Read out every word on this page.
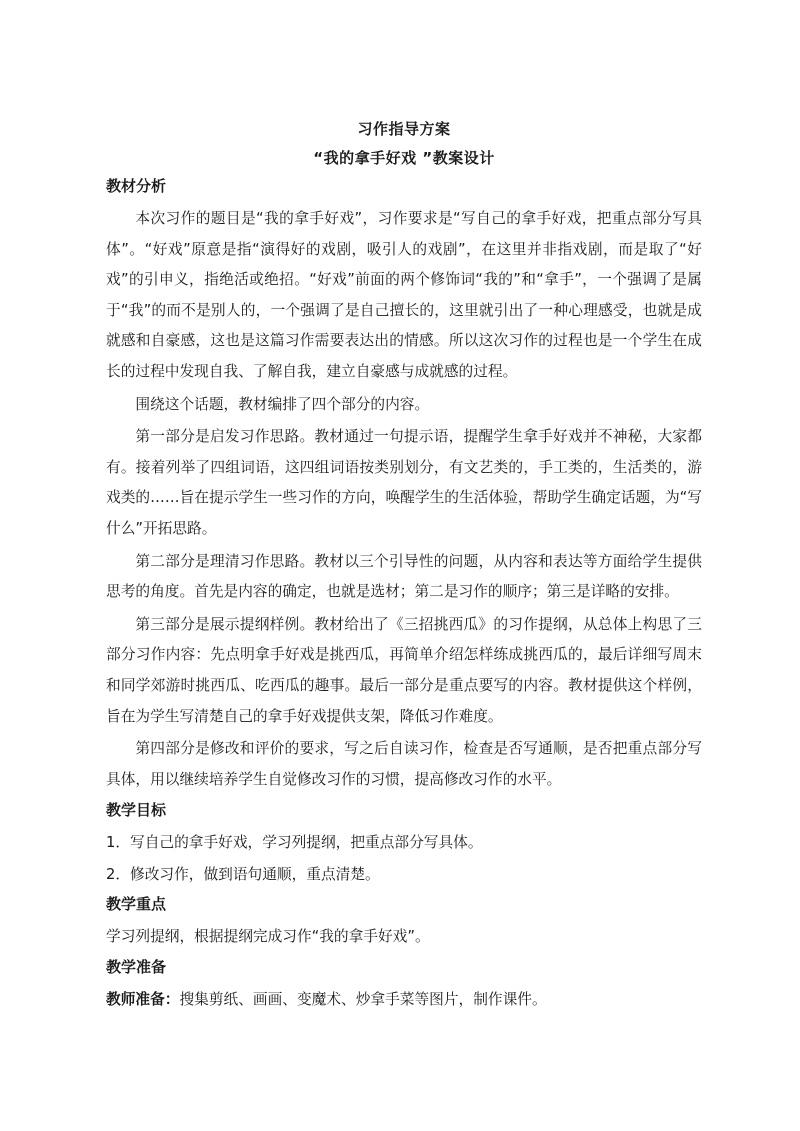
习作指导方案

“我的拿手好戏 ”教案设计

教材分析

本次习作的题目是“我的拿手好戏”，习作要求是“写自己的拿手好戏，把重点部分写具体”。“好戏”原意是指“演得好的戏剧，吸引人的戏剧”，在这里并非指戏剧，而是取了“好戏”的引申义，指绝活或绝招。“好戏”前面的两个修饰词“我的”和“拿手”，一个强调了是属于“我”的而不是别人的，一个强调了是自己擅长的，这里就引出了一种心理感受，也就是成就感和自豪感，这也是这篇习作需要表达出的情感。所以这次习作的过程也是一个学生在成长的过程中发现自我、了解自我，建立自豪感与成就感的过程。

围绕这个话题，教材编排了四个部分的内容。

第一部分是启发习作思路。教材通过一句提示语，提醒学生拿手好戏并不神秘，大家都有。接着列举了四组词语，这四组词语按类别划分，有文艺类的，手工类的，生活类的，游戏类的……旨在提示学生一些习作的方向，唤醒学生的生活体验，帮助学生确定话题，为“写什么”开拓思路。

第二部分是理清习作思路。教材以三个引导性的问题，从内容和表达等方面给学生提供思考的角度。首先是内容的确定，也就是选材；第二是习作的顺序；第三是详略的安排。

第三部分是展示提纲样例。教材给出了《三招挑西瓜》的习作提纲，从总体上构思了三部分习作内容：先点明拿手好戏是挑西瓜，再简单介绍怎样练成挑西瓜的，最后详细写周末和同学郊游时挑西瓜、吃西瓜的趣事。最后一部分是重点要写的内容。教材提供这个样例，旨在为学生写清楚自己的拿手好戏提供支架，降低习作难度。

第四部分是修改和评价的要求，写之后自读习作，检查是否写通顺，是否把重点部分写具体，用以继续培养学生自觉修改习作的习惯，提高修改习作的水平。

教学目标

1．写自己的拿手好戏，学习列提纲，把重点部分写具体。

2．修改习作，做到语句通顺，重点清楚。

教学重点

学习列提纲，根据提纲完成习作“我的拿手好戏”。

教学准备

教师准备：搜集剪纸、画画、变魔术、炒拿手菜等图片，制作课件。
